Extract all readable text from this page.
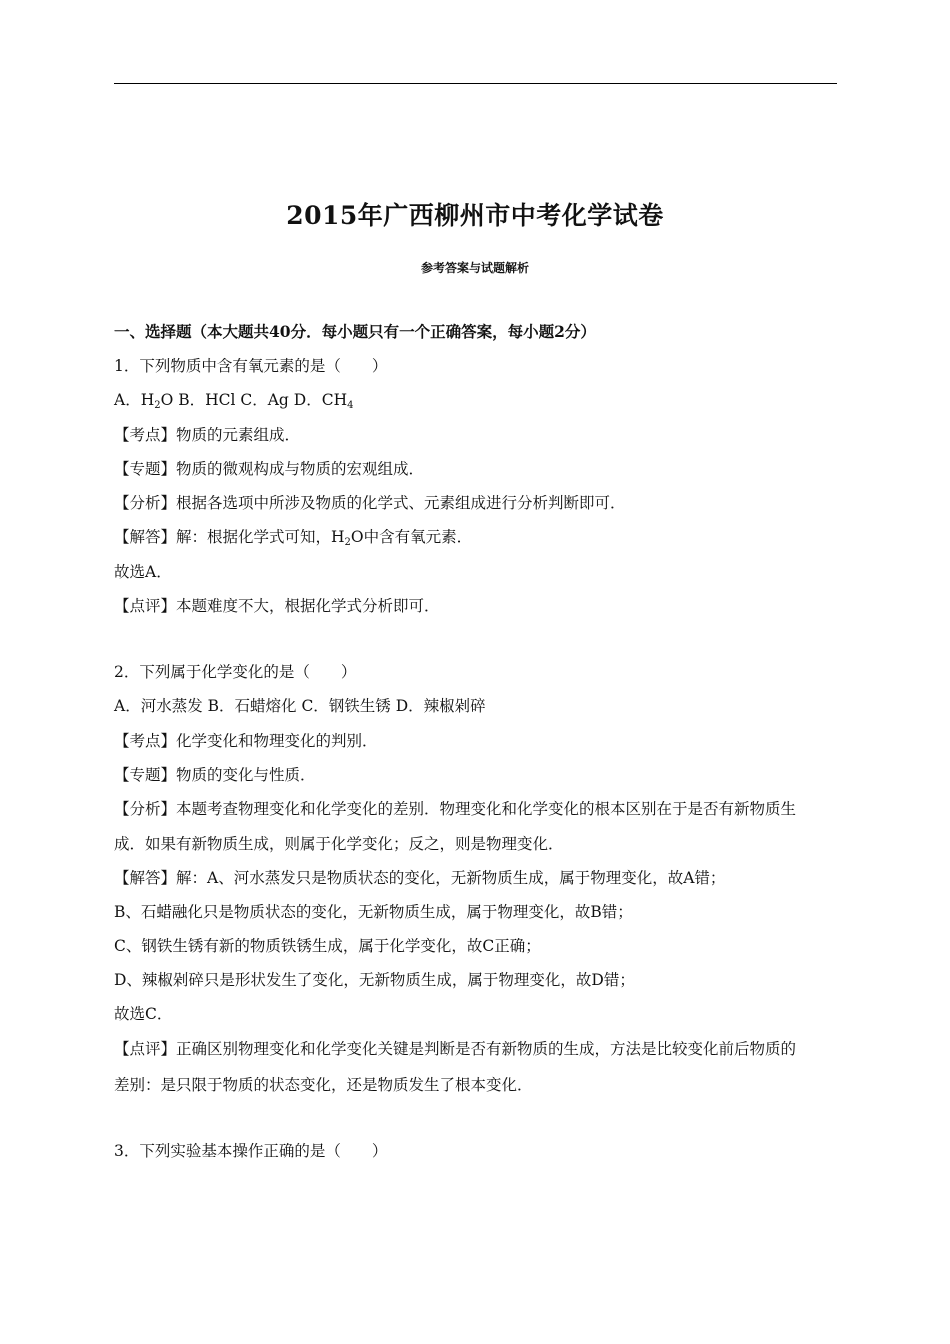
2015年广西柳州市中考化学试卷
参考答案与试题解析
一、选择题（本大题共40分．每小题只有一个正确答案，每小题2分）
1．下列物质中含有氧元素的是（　　）
A．$H_2O$ B．HCl C．Ag D．$CH_4$
【考点】物质的元素组成．
【专题】物质的微观构成与物质的宏观组成．
【分析】根据各选项中所涉及物质的化学式、元素组成进行分析判断即可．
【解答】解：根据化学式可知，$H_2O$中含有氧元素．
故选A．
【点评】本题难度不大，根据化学式分析即可．
2．下列属于化学变化的是（　　）
A．河水蒸发 B．石蜡熔化 C．钢铁生锈 D．辣椒剁碎
【考点】化学变化和物理变化的判别．
【专题】物质的变化与性质．
【分析】本题考查物理变化和化学变化的差别．物理变化和化学变化的根本区别在于是否有新物质生
成．如果有新物质生成，则属于化学变化；反之，则是物理变化．
【解答】解：A、河水蒸发只是物质状态的变化，无新物质生成，属于物理变化，故A错；
B、石蜡融化只是物质状态的变化，无新物质生成，属于物理变化，故B错；
C、钢铁生锈有新的物质铁锈生成，属于化学变化，故C正确；
D、辣椒剁碎只是形状发生了变化，无新物质生成，属于物理变化，故D错；
故选C．
【点评】正确区别物理变化和化学变化关键是判断是否有新物质的生成，方法是比较变化前后物质的
差别：是只限于物质的状态变化，还是物质发生了根本变化．
3．下列实验基本操作正确的是（　　）
